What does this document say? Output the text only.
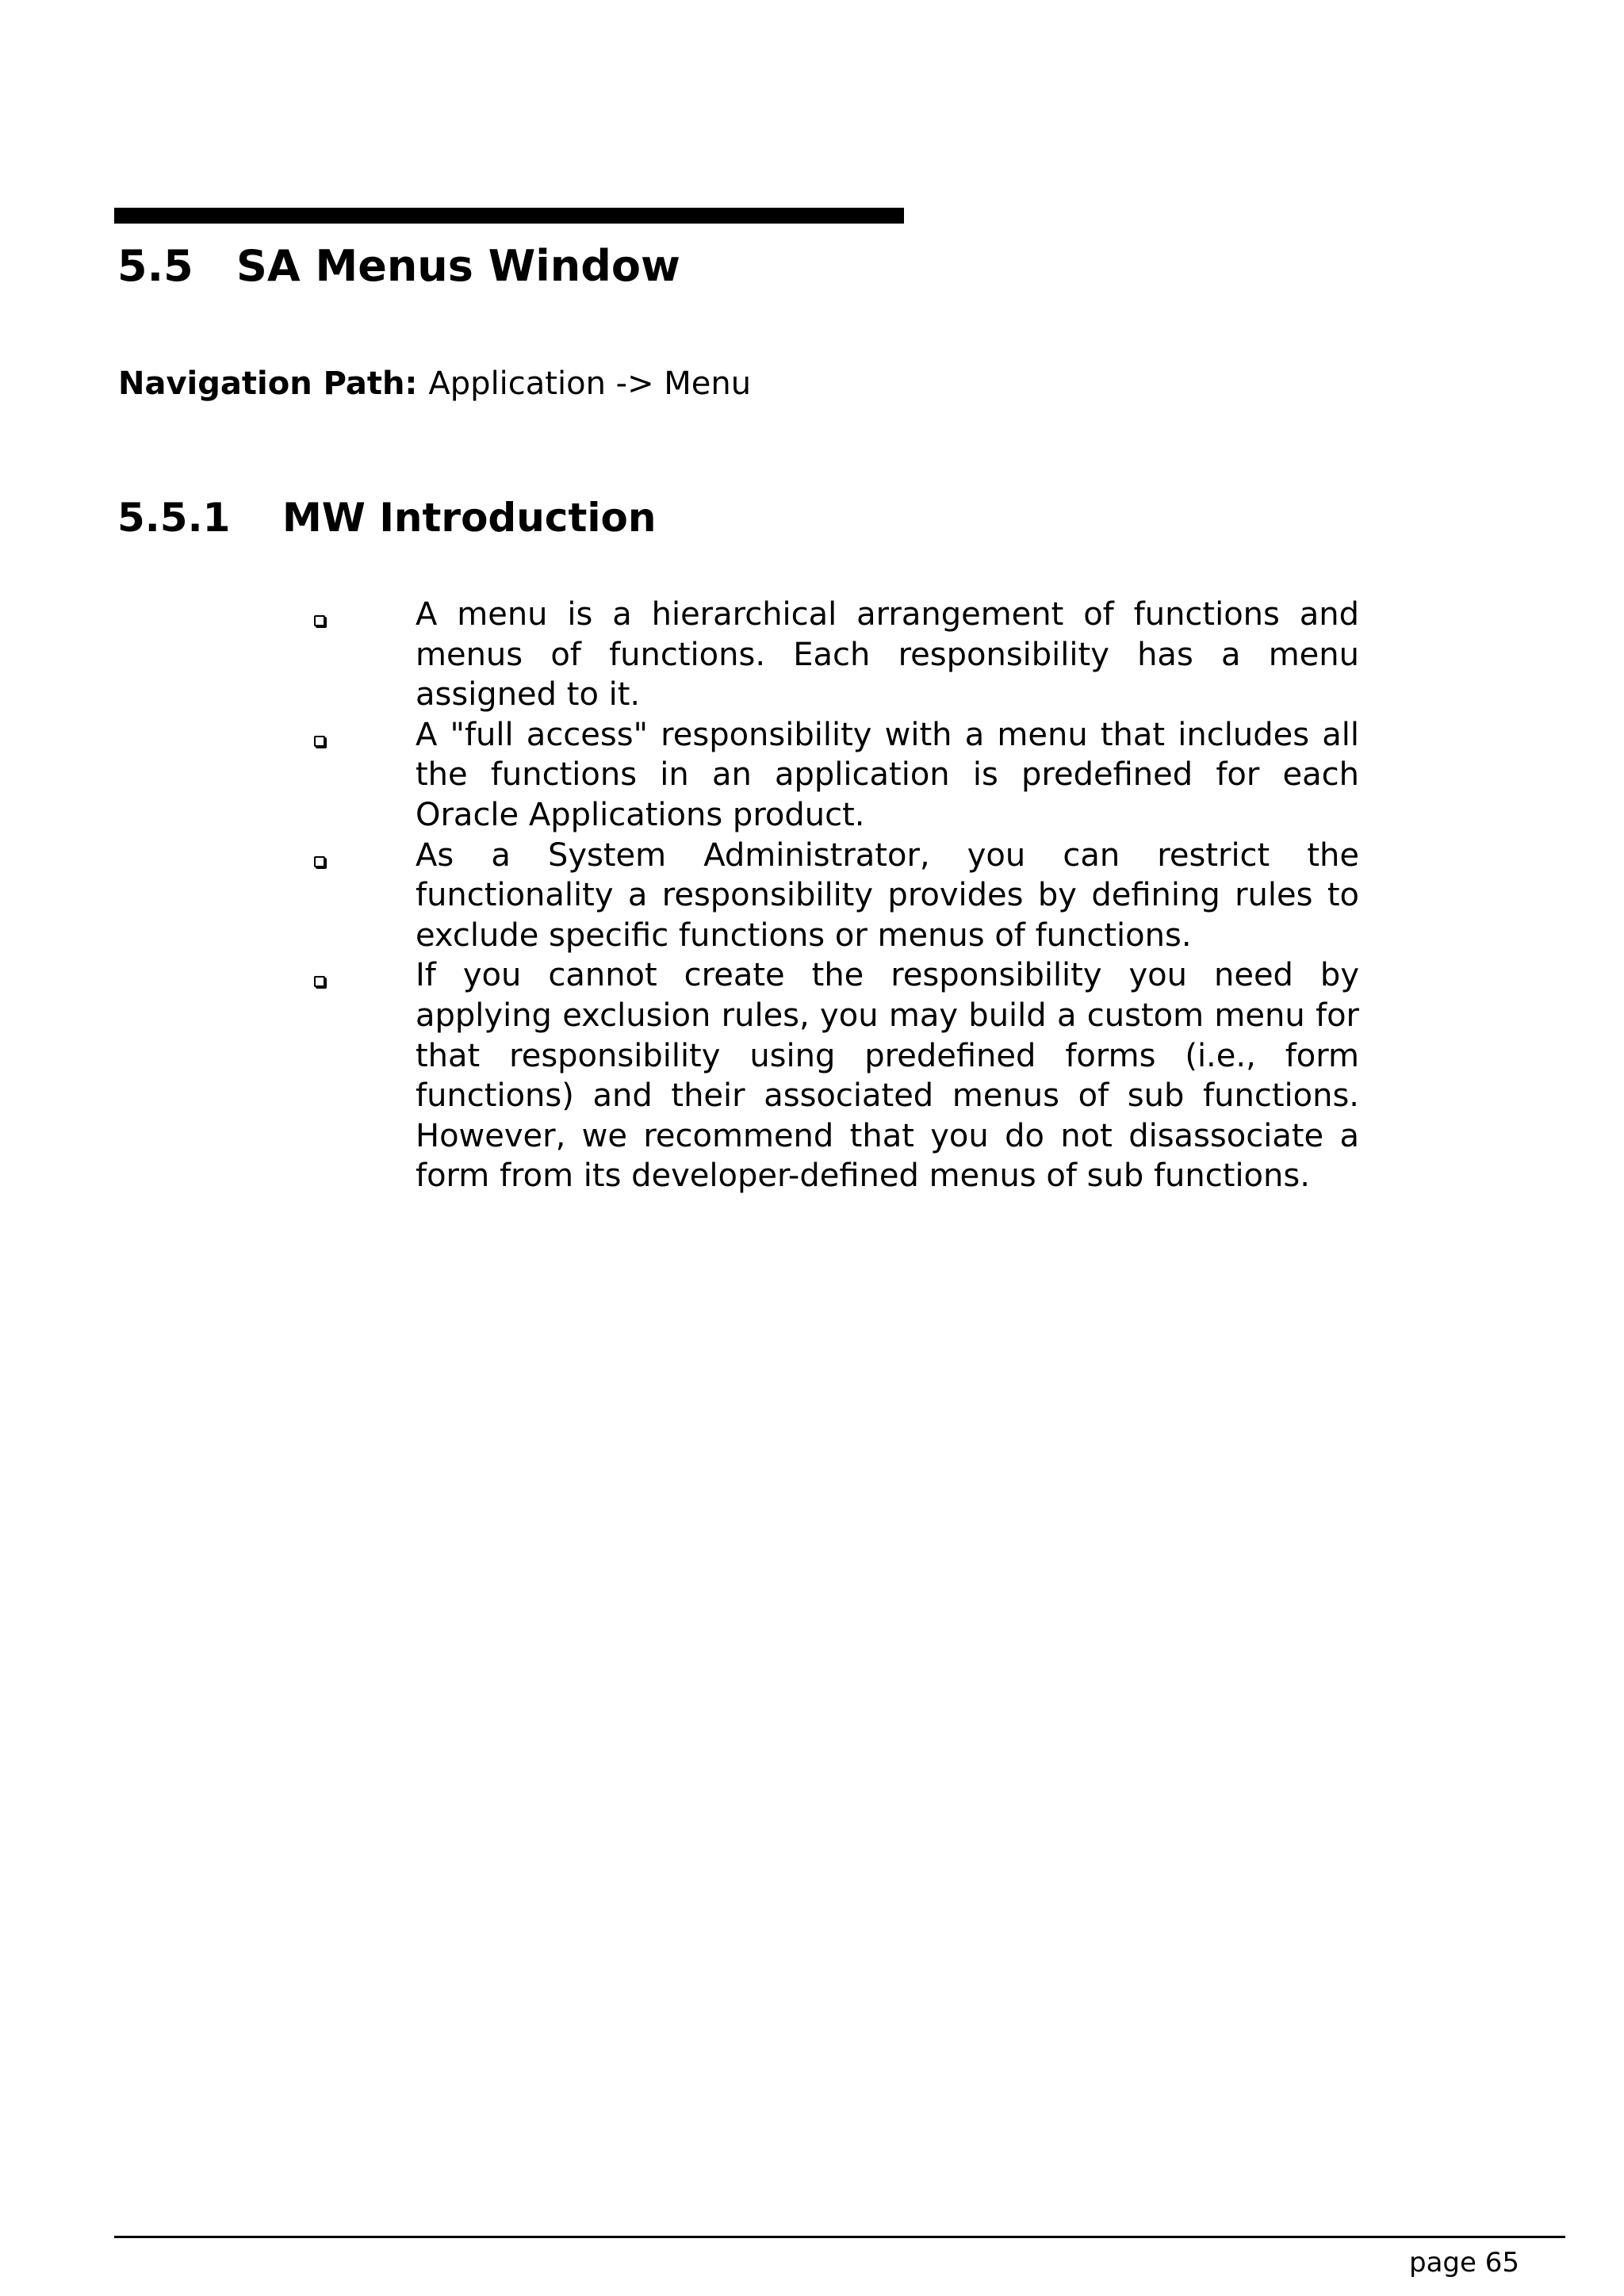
5.5 SA Menus Window
Navigation Path: Application -> Menu
5.5.1 MW Introduction
A menu is a hierarchical arrangement of functions and menus of functions. Each responsibility has a menu assigned to it.
A "full access" responsibility with a menu that includes all the functions in an application is predefined for each Oracle Applications product.
As a System Administrator, you can restrict the functionality a responsibility provides by defining rules to exclude specific functions or menus of functions.
If you cannot create the responsibility you need by applying exclusion rules, you may build a custom menu for that responsibility using predefined forms (i.e., form functions) and their associated menus of sub functions. However, we recommend that you do not disassociate a form from its developer-defined menus of sub functions.
page 65
